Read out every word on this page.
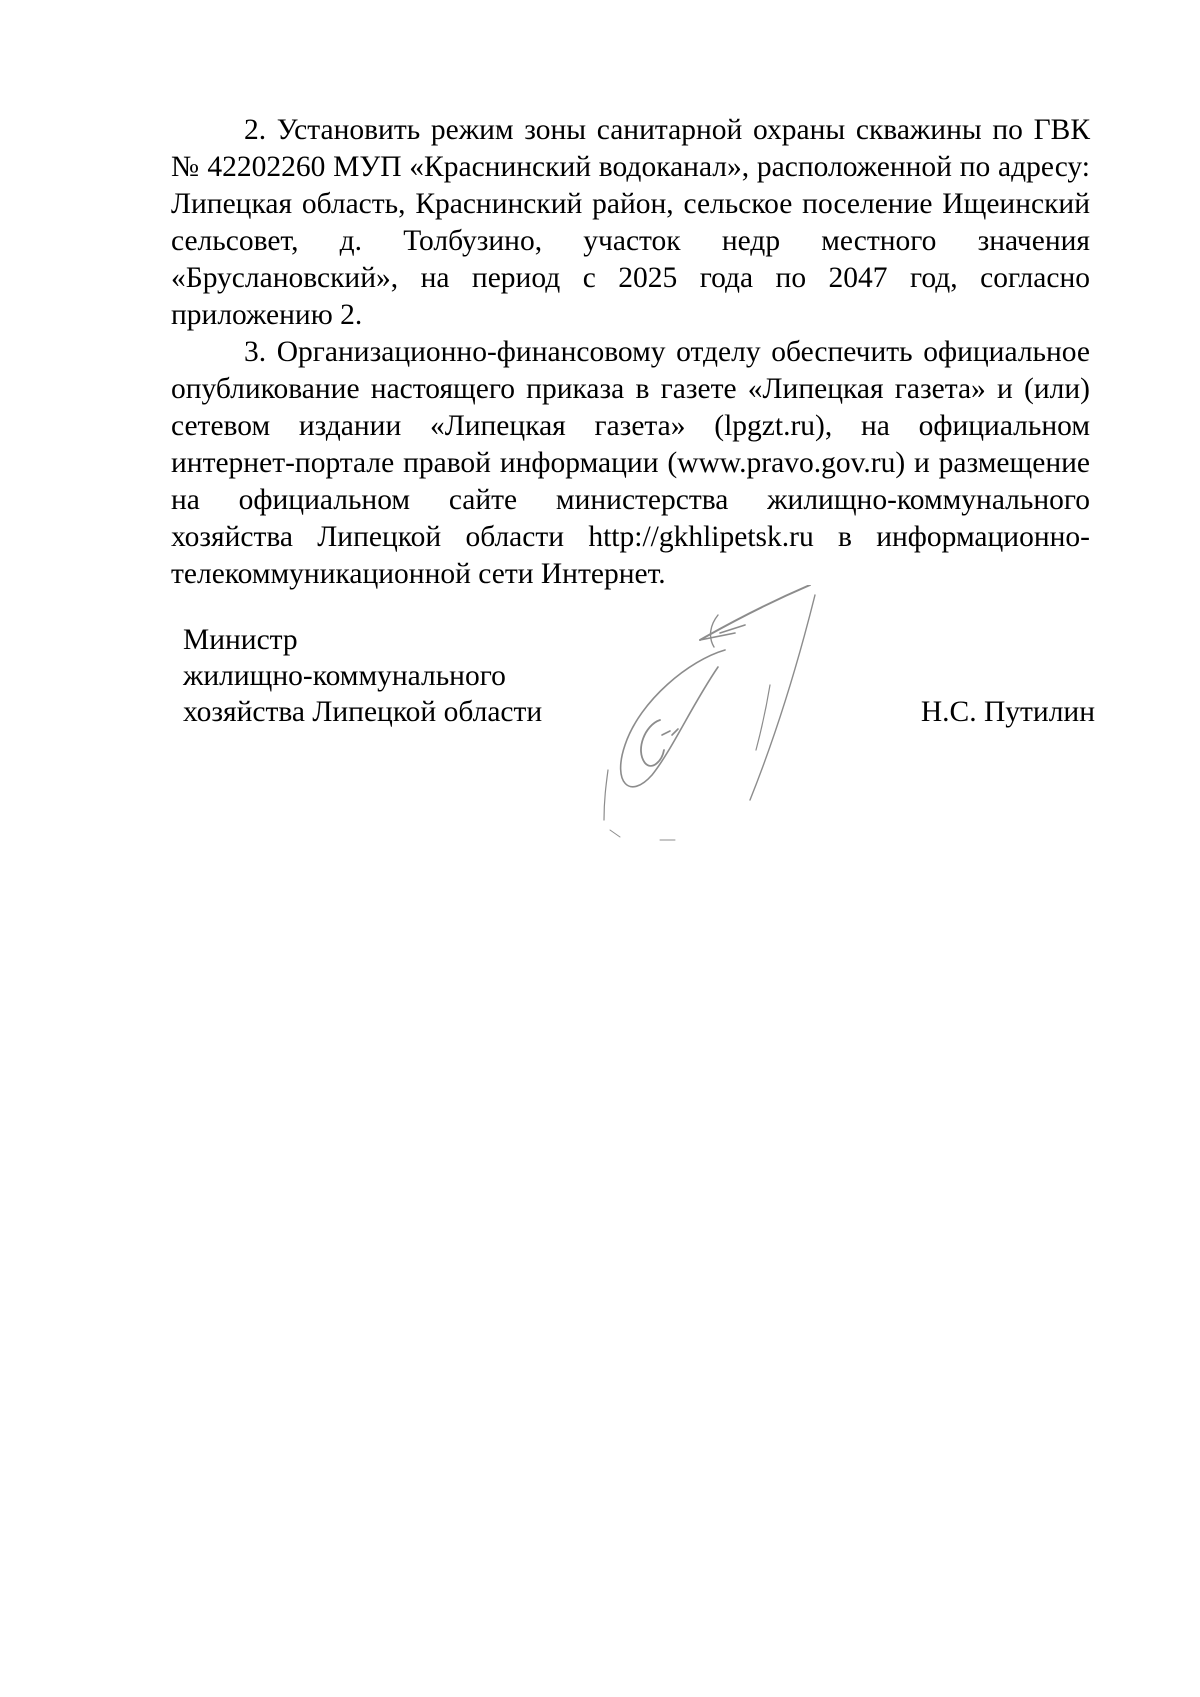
2. Установить режим зоны санитарной охраны скважины по ГВК № 42202260 МУП «Краснинский водоканал», расположенной по адресу: Липецкая область, Краснинский район, сельское поселение Ищеинский сельсовет, д. Толбузино, участок недр местного значения «Бруслановский», на период с 2025 года по 2047 год, согласно приложению 2.

3. Организационно-финансовому отделу обеспечить официальное опубликование настоящего приказа в газете «Липецкая газета» и (или) сетевом издании «Липецкая газета» (lpgzt.ru), на официальном интернет-портале правой информации (www.pravo.gov.ru) и размещение на официальном сайте министерства жилищно-коммунального хозяйства Липецкой области http://gkhlipetsk.ru в информационно-телекоммуникационной сети Интернет.

Министр
жилищно-коммунального
хозяйства Липецкой области	Н.С. Путилин
